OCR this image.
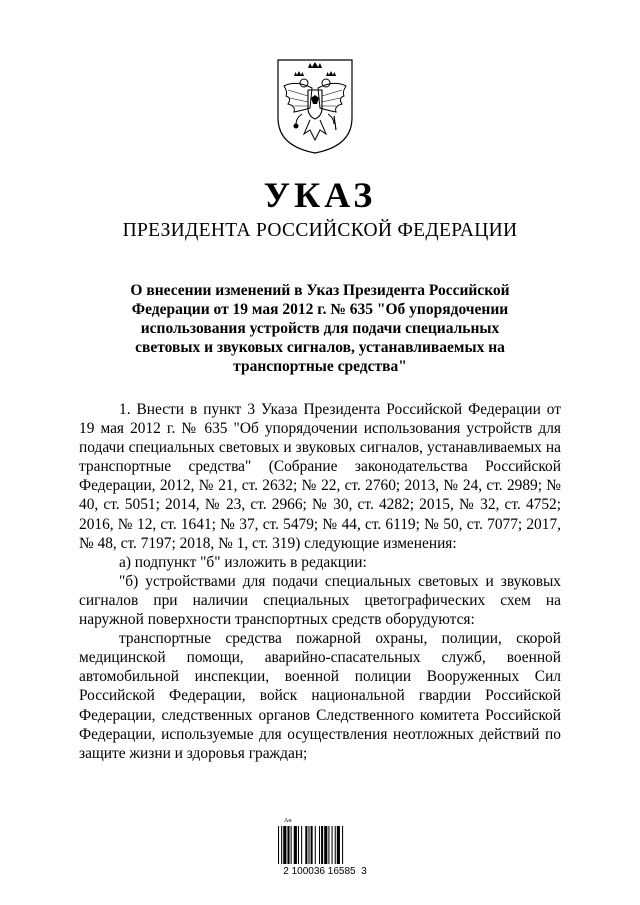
УКАЗ
ПРЕЗИДЕНТА РОССИЙСКОЙ ФЕДЕРАЦИИ
О внесении изменений в Указ Президента Российской
Федерации от 19 мая 2012 г. № 635 "Об упорядочении
использования устройств для подачи специальных
световых и звуковых сигналов, устанавливаемых на
транспортные средства"

1. Внести в пункт 3 Указа Президента Российской Федерации от 19 мая 2012 г. № 635 "Об упорядочении использования устройств для подачи специальных световых и звуковых сигналов, устанавливаемых на транспортные средства" (Собрание законодательства Российской Федерации, 2012, № 21, ст. 2632; № 22, ст. 2760; 2013, № 24, ст. 2989; № 40, ст. 5051; 2014, № 23, ст. 2966; № 30, ст. 4282; 2015, № 32, ст. 4752; 2016, № 12, ст. 1641; № 37, ст. 5479; № 44, ст. 6119; № 50, ст. 7077; 2017, № 48, ст. 7197; 2018, № 1, ст. 319) следующие изменения:

а) подпункт "б" изложить в редакции:

"б) устройствами для подачи специальных световых и звуковых сигналов при наличии специальных цветографических схем на наружной поверхности транспортных средств оборудуются:

транспортные средства пожарной охраны, полиции, скорой медицинской помощи, аварийно-спасательных служб, военной автомобильной инспекции, военной полиции Вооруженных Сил Российской Федерации, войск национальной гвардии Российской Федерации, следственных органов Следственного комитета Российской Федерации, используемые для осуществления неотложных действий по защите жизни и здоровья граждан;

Ан
2 100036 16585  3
